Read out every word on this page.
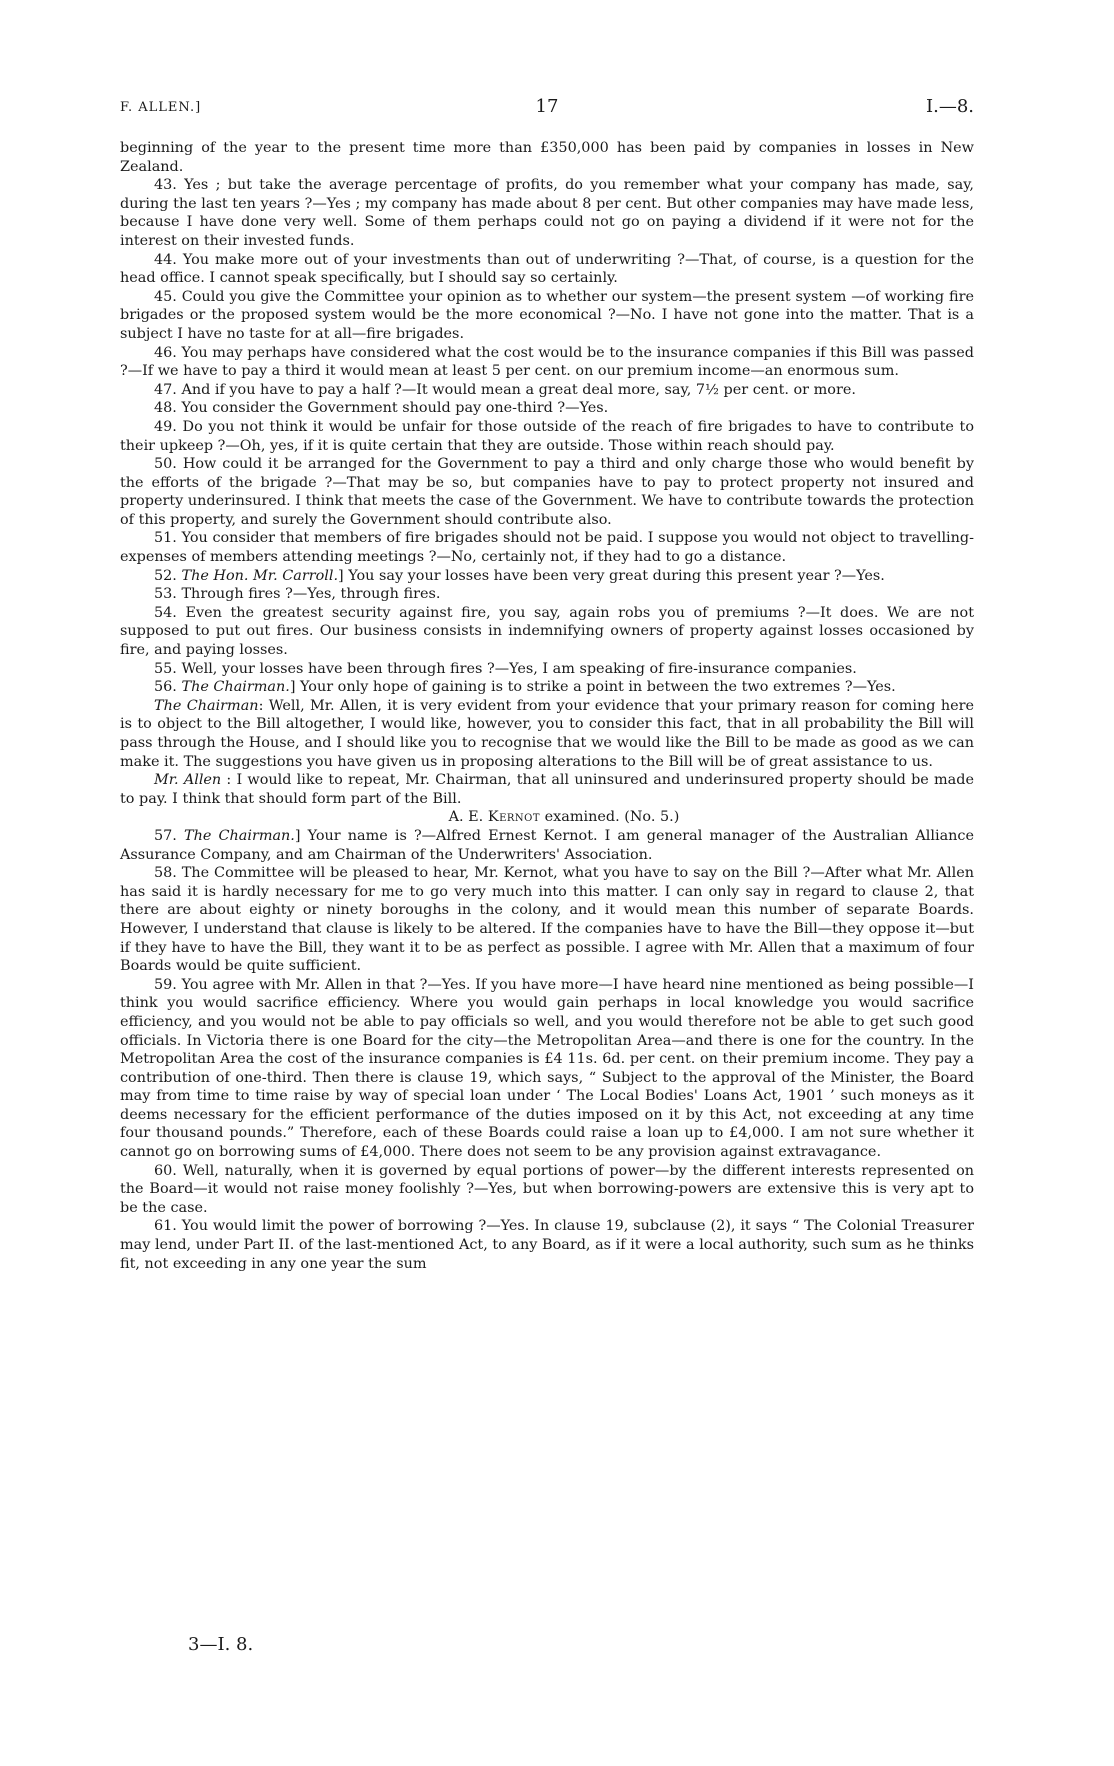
F. ALLEN.]	17	I.—8.

beginning of the year to the present time more than £350,000 has been paid by companies in losses in New Zealand.

43. Yes ; but take the average percentage of profits, do you remember what your company has made, say, during the last ten years ?—Yes ; my company has made about 8 per cent. But other companies may have made less, because I have done very well. Some of them perhaps could not go on paying a dividend if it were not for the interest on their invested funds.

44. You make more out of your investments than out of underwriting ?—That, of course, is a question for the head office. I cannot speak specifically, but I should say so certainly.

45. Could you give the Committee your opinion as to whether our system—the present system —of working fire brigades or the proposed system would be the more economical ?—No. I have not gone into the matter. That is a subject I have no taste for at all—fire brigades.

46. You may perhaps have considered what the cost would be to the insurance companies if this Bill was passed ?—If we have to pay a third it would mean at least 5 per cent. on our premium income—an enormous sum.

47. And if you have to pay a half ?—It would mean a great deal more, say, 7½ per cent. or more.

48. You consider the Government should pay one-third ?—Yes.

49. Do you not think it would be unfair for those outside of the reach of fire brigades to have to contribute to their upkeep ?—Oh, yes, if it is quite certain that they are outside. Those within reach should pay.

50. How could it be arranged for the Government to pay a third and only charge those who would benefit by the efforts of the brigade ?—That may be so, but companies have to pay to protect property not insured and property underinsured. I think that meets the case of the Government. We have to contribute towards the protection of this property, and surely the Government should contribute also.

51. You consider that members of fire brigades should not be paid. I suppose you would not object to travelling-expenses of members attending meetings ?—No, certainly not, if they had to go a distance.

52. The Hon. Mr. Carroll.] You say your losses have been very great during this present year ?—Yes.

53. Through fires ?—Yes, through fires.

54. Even the greatest security against fire, you say, again robs you of premiums ?—It does. We are not supposed to put out fires. Our business consists in indemnifying owners of property against losses occasioned by fire, and paying losses.

55. Well, your losses have been through fires ?—Yes, I am speaking of fire-insurance companies.

56. The Chairman.] Your only hope of gaining is to strike a point in between the two extremes ?—Yes.

The Chairman: Well, Mr. Allen, it is very evident from your evidence that your primary reason for coming here is to object to the Bill altogether, I would like, however, you to consider this fact, that in all probability the Bill will pass through the House, and I should like you to recognise that we would like the Bill to be made as good as we can make it. The suggestions you have given us in proposing alterations to the Bill will be of great assistance to us.

Mr. Allen : I would like to repeat, Mr. Chairman, that all uninsured and underinsured property should be made to pay. I think that should form part of the Bill.

A. E. Kernot examined. (No. 5.)

57. The Chairman.] Your name is ?—Alfred Ernest Kernot. I am general manager of the Australian Alliance Assurance Company, and am Chairman of the Underwriters' Association.

58. The Committee will be pleased to hear, Mr. Kernot, what you have to say on the Bill ?—After what Mr. Allen has said it is hardly necessary for me to go very much into this matter. I can only say in regard to clause 2, that there are about eighty or ninety boroughs in the colony, and it would mean this number of separate Boards. However, I understand that clause is likely to be altered. If the companies have to have the Bill—they oppose it—but if they have to have the Bill, they want it to be as perfect as possible. I agree with Mr. Allen that a maximum of four Boards would be quite sufficient.

59. You agree with Mr. Allen in that ?—Yes. If you have more—I have heard nine mentioned as being possible—I think you would sacrifice efficiency. Where you would gain perhaps in local knowledge you would sacrifice efficiency, and you would not be able to pay officials so well, and you would therefore not be able to get such good officials. In Victoria there is one Board for the city—the Metropolitan Area—and there is one for the country. In the Metropolitan Area the cost of the insurance companies is £4 11s. 6d. per cent. on their premium income. They pay a contribution of one-third. Then there is clause 19, which says, “ Subject to the approval of the Minister, the Board may from time to time raise by way of special loan under ‘ The Local Bodies' Loans Act, 1901 ’ such moneys as it deems necessary for the efficient performance of the duties imposed on it by this Act, not exceeding at any time four thousand pounds.” Therefore, each of these Boards could raise a loan up to £4,000. I am not sure whether it cannot go on borrowing sums of £4,000. There does not seem to be any provision against extravagance.

60. Well, naturally, when it is governed by equal portions of power—by the different interests represented on the Board—it would not raise money foolishly ?—Yes, but when borrowing-powers are extensive this is very apt to be the case.

61. You would limit the power of borrowing ?—Yes. In clause 19, subclause (2), it says “ The Colonial Treasurer may lend, under Part II. of the last-mentioned Act, to any Board, as if it were a local authority, such sum as he thinks fit, not exceeding in any one year the sum

3—I. 8.
